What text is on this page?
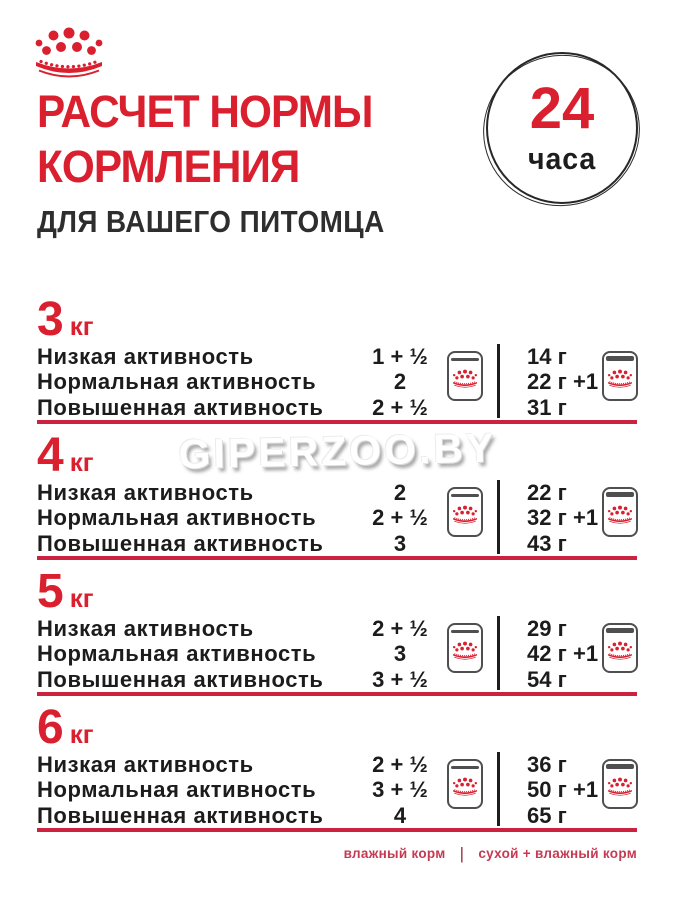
РАСЧЕТ НОРМЫ
КОРМЛЕНИЯ
ДЛЯ ВАШЕГО ПИТОМЦА
24
часа
GIPERZOO.BY
3 кг
Низкая активность
Нормальная активность
Повышенная активность
1 + ½
2
2 + ½
14 г
22 г +1
31 г
4 кг
Низкая активность
Нормальная активность
Повышенная активность
2
2 + ½
3
22 г
32 г +1
43 г
5 кг
Низкая активность
Нормальная активность
Повышенная активность
2 + ½
3
3 + ½
29 г
42 г +1
54 г
6 кг
Низкая активность
Нормальная активность
Повышенная активность
2 + ½
3 + ½
4
36 г
50 г +1
65 г
влажный корм | сухой + влажный корм
